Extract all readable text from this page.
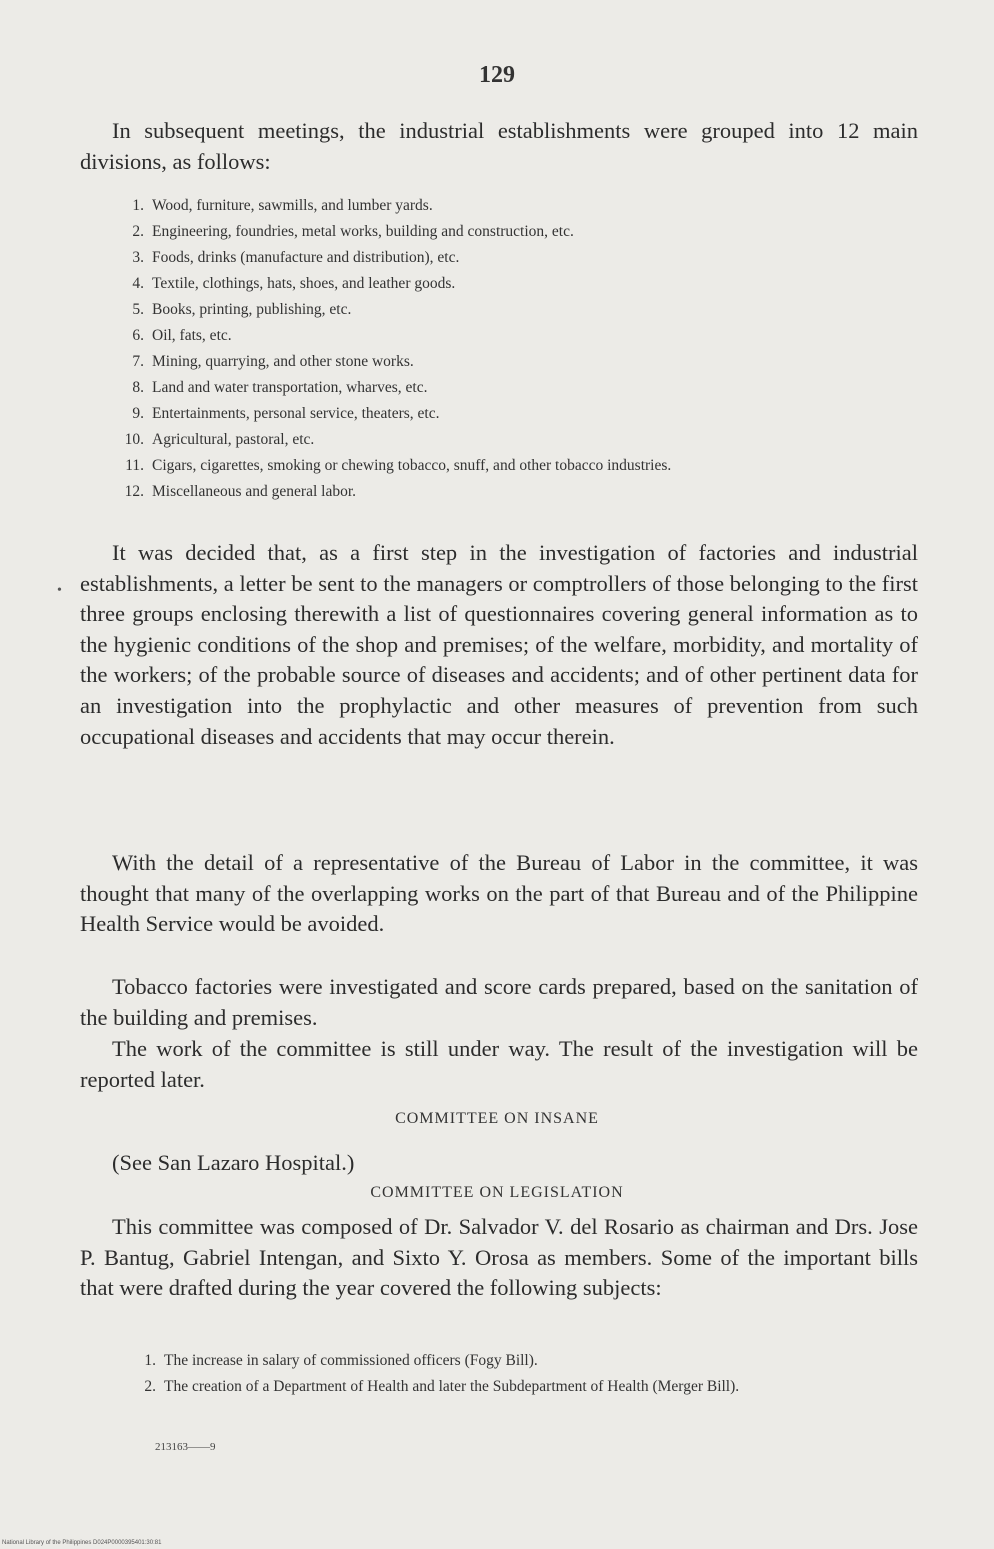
129

In subsequent meetings, the industrial establishments were grouped into 12 main divisions, as follows:

1. Wood, furniture, sawmills, and lumber yards.
2. Engineering, foundries, metal works, building and construction, etc.
3. Foods, drinks (manufacture and distribution), etc.
4. Textile, clothings, hats, shoes, and leather goods.
5. Books, printing, publishing, etc.
6. Oil, fats, etc.
7. Mining, quarrying, and other stone works.
8. Land and water transportation, wharves, etc.
9. Entertainments, personal service, theaters, etc.
10. Agricultural, pastoral, etc.
11. Cigars, cigarettes, smoking or chewing tobacco, snuff, and other tobacco industries.
12. Miscellaneous and general labor.
•

It was decided that, as a first step in the investigation of factories and industrial establishments, a letter be sent to the managers or comptrollers of those belonging to the first three groups enclosing therewith a list of questionnaires covering general information as to the hygienic conditions of the shop and premises; of the welfare, morbidity, and mortality of the workers; of the probable source of diseases and accidents; and of other pertinent data for an investigation into the prophylactic and other measures of prevention from such occupational diseases and accidents that may occur therein.

With the detail of a representative of the Bureau of Labor in the committee, it was thought that many of the overlapping works on the part of that Bureau and of the Philippine Health Service would be avoided.

Tobacco factories were investigated and score cards prepared, based on the sanitation of the building and premises.

The work of the committee is still under way. The result of the investigation will be reported later.

COMMITTEE ON INSANE

(See San Lazaro Hospital.)

COMMITTEE ON LEGISLATION

This committee was composed of Dr. Salvador V. del Rosario as chairman and Drs. Jose P. Bantug, Gabriel Intengan, and Sixto Y. Orosa as members. Some of the important bills that were drafted during the year covered the following subjects:

1. The increase in salary of commissioned officers (Fogy Bill).
2. The creation of a Department of Health and later the Subdepartment of Health (Merger Bill).
213163——9
National Library of the Philippines D024P0000395401:30:81
